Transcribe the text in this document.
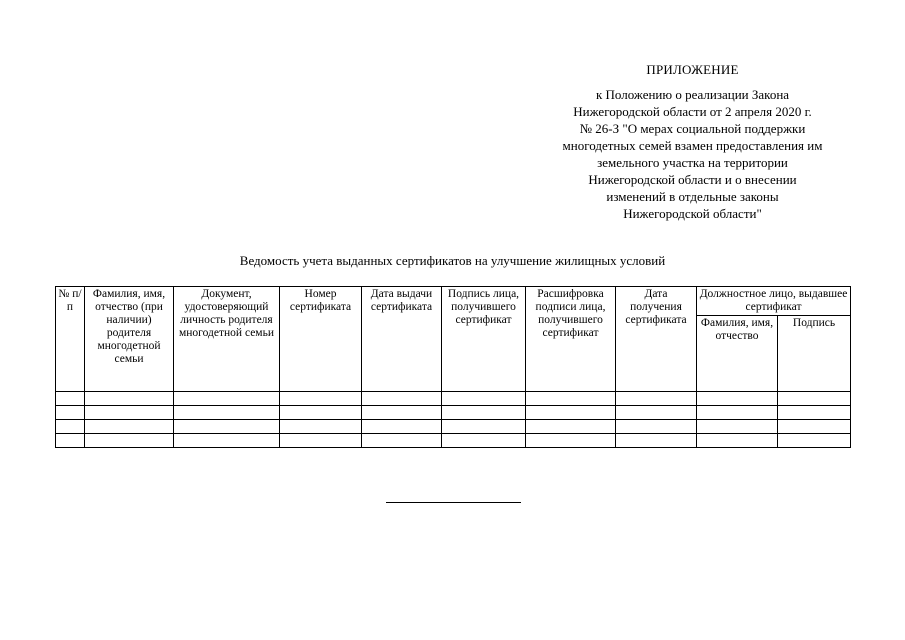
ПРИЛОЖЕНИЕ
к Положению о реализации Закона
Нижегородской области от 2 апреля 2020 г.
№ 26-З "О мерах социальной поддержки
многодетных семей взамен предоставления им
земельного участка на территории
Нижегородской области и о внесении
изменений в отдельные законы
Нижегородской области"
Ведомость учета выданных сертификатов на улучшение жилищных условий
№ п/п	Фамилия, имя, отчество (при наличии) родителя многодетной семьи	Документ, удостоверяющий личность родителя многодетной семьи	Номер сертификата	Дата выдачи сертификата	Подпись лица, получившего сертификат	Расшифровка подписи лица, получившего сертификат	Дата получения сертификата	Должностное лицо, выдавшее сертификат	
								Фамилия, имя, отчество	Подпись
